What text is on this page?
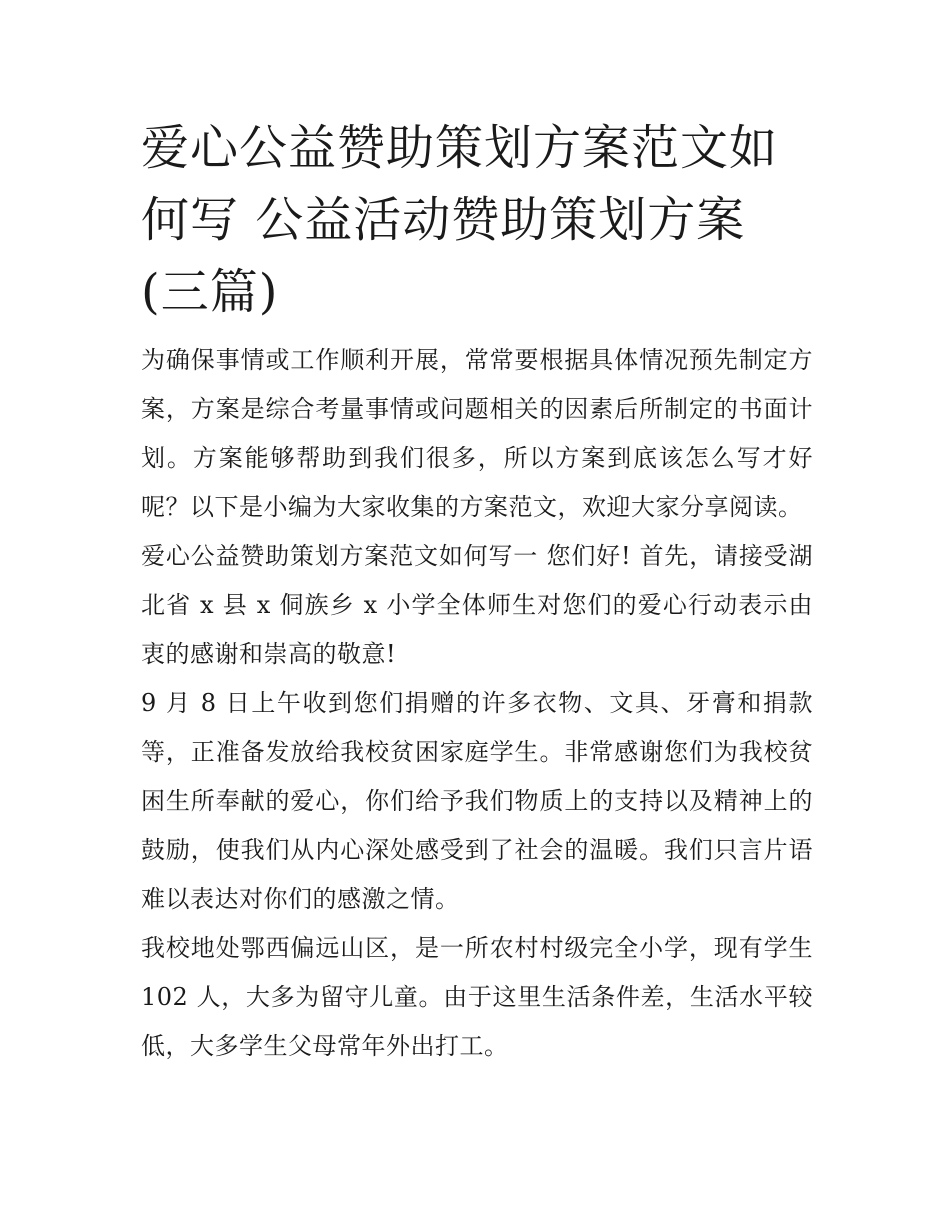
爱心公益赞助策划方案范文如何写 公益活动赞助策划方案(三篇)

为确保事情或工作顺利开展，常常要根据具体情况预先制定方案，方案是综合考量事情或问题相关的因素后所制定的书面计划。方案能够帮助到我们很多，所以方案到底该怎么写才好呢？以下是小编为大家收集的方案范文，欢迎大家分享阅读。

爱心公益赞助策划方案范文如何写一 您们好! 首先，请接受湖北省 x 县 x 侗族乡 x 小学全体师生对您们的爱心行动表示由衷的感谢和崇高的敬意!

9 月 8 日上午收到您们捐赠的许多衣物、文具、牙膏和捐款等，正准备发放给我校贫困家庭学生。非常感谢您们为我校贫困生所奉献的爱心，你们给予我们物质上的支持以及精神上的鼓励，使我们从内心深处感受到了社会的温暖。我们只言片语难以表达对你们的感激之情。

我校地处鄂西偏远山区，是一所农村村级完全小学，现有学生 102 人，大多为留守儿童。由于这里生活条件差，生活水平较低，大多学生父母常年外出打工。
